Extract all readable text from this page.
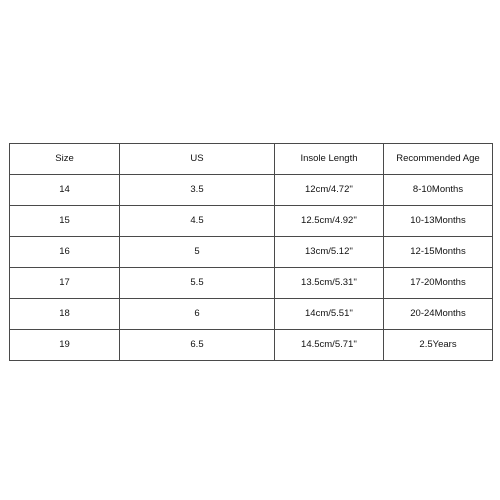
Size	US	Insole Length	Recommended Age
14	3.5	12cm/4.72''	8-10Months
15	4.5	12.5cm/4.92''	10-13Months
16	5	13cm/5.12''	12-15Months
17	5.5	13.5cm/5.31''	17-20Months
18	6	14cm/5.51''	20-24Months
19	6.5	14.5cm/5.71''	2.5Years
